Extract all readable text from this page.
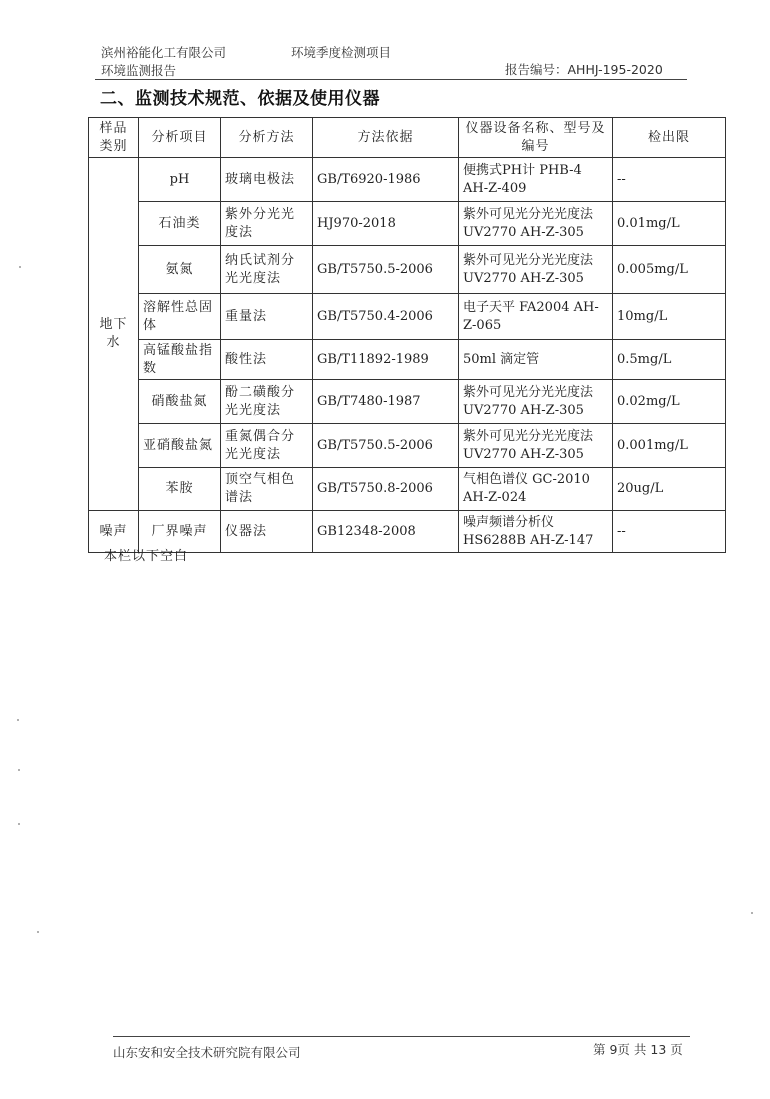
滨州裕能化工有限公司	环境季度检测项目
环境监测报告	报告编号：AHHJ-195-2020
二、监测技术规范、依据及使用仪器
样品类别	分析项目	分析方法	方法依据	仪器设备名称、型号及编号	检出限
地下水	pH	玻璃电极法	GB/T6920-1986	便携式PH计 PHB-4 AH-Z-409	--
	石油类	紫外分光光度法	HJ970-2018	紫外可见光分光光度法 UV2770 AH-Z-305	0.01mg/L
	氨氮	纳氏试剂分光光度法	GB/T5750.5-2006	紫外可见光分光光度法 UV2770 AH-Z-305	0.005mg/L
	溶解性总固体	重量法	GB/T5750.4-2006	电子天平 FA2004 AH-Z-065	10mg/L
	高锰酸盐指数	酸性法	GB/T11892-1989	50ml 滴定管	0.5mg/L
	硝酸盐氮	酚二磺酸分光光度法	GB/T7480-1987	紫外可见光分光光度法 UV2770 AH-Z-305	0.02mg/L
	亚硝酸盐氮	重氮偶合分光光度法	GB/T5750.5-2006	紫外可见光分光光度法 UV2770 AH-Z-305	0.001mg/L
	苯胺	顶空气相色谱法	GB/T5750.8-2006	气相色谱仪 GC-2010 AH-Z-024	20ug/L
噪声	厂界噪声	仪器法	GB12348-2008	噪声频谱分析仪 HS6288B AH-Z-147	--
本栏以下空白
山东安和安全技术研究院有限公司	第 9页 共 13 页
